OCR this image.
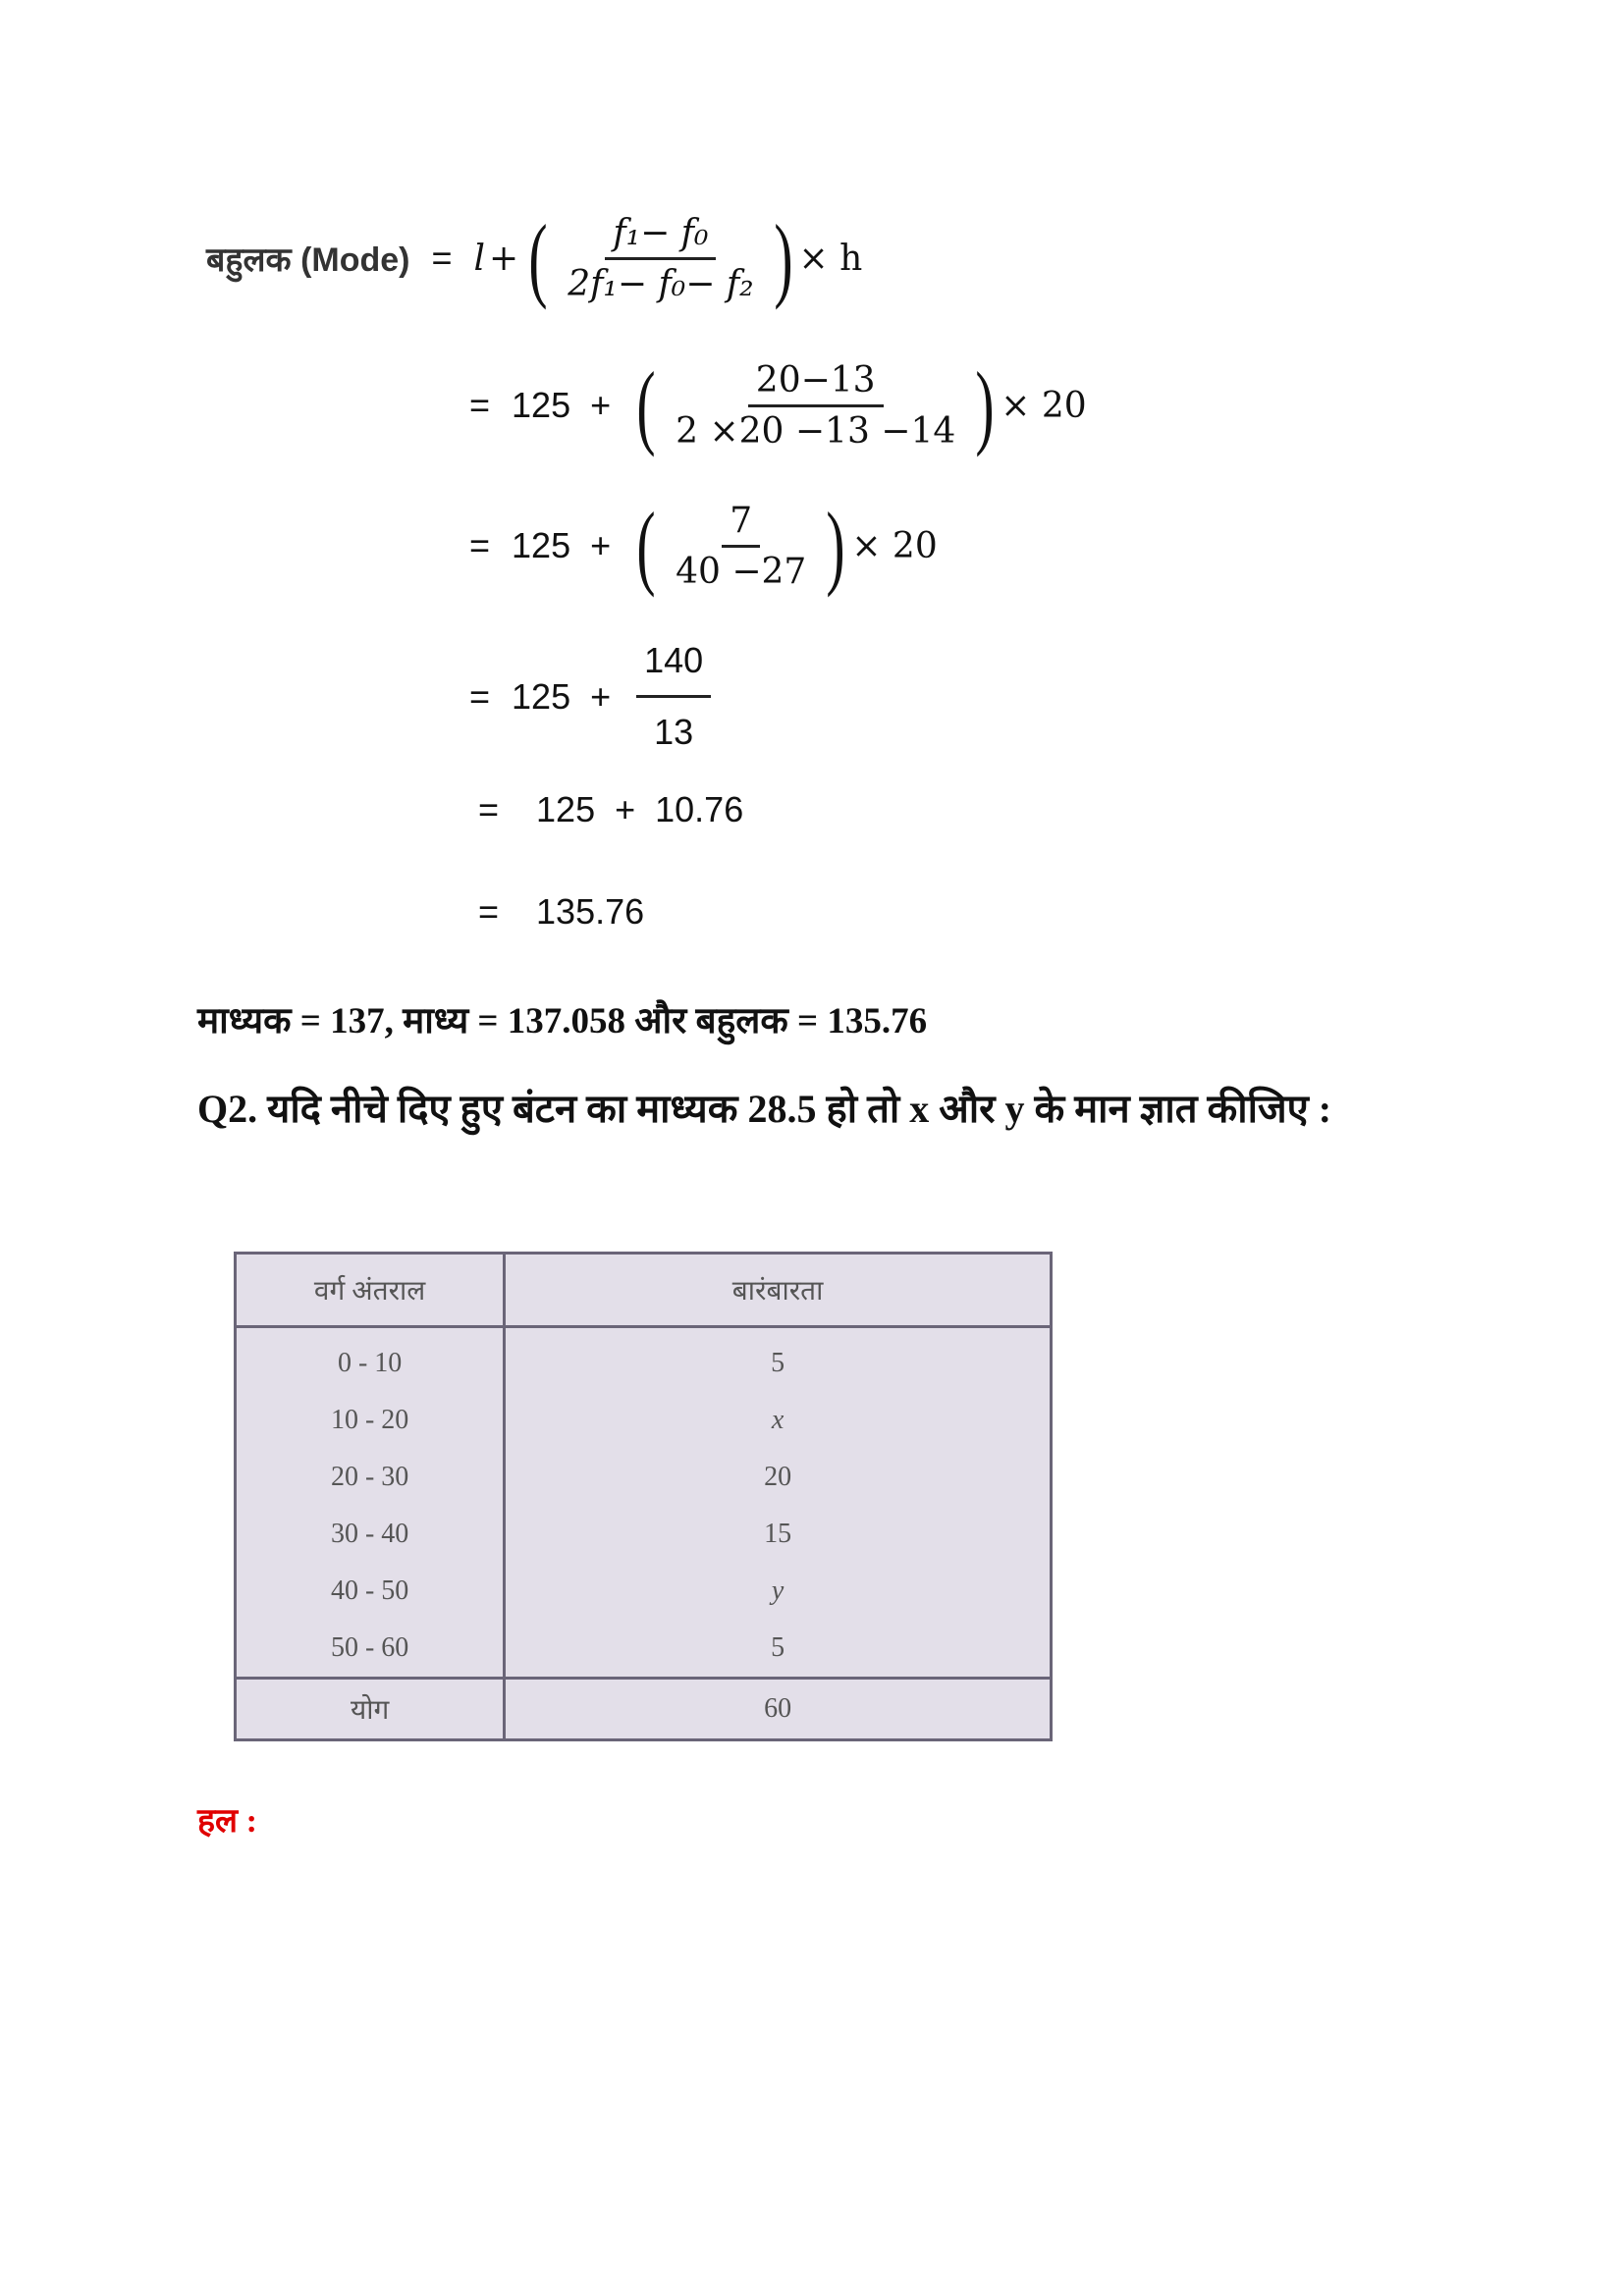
बहुलक (Mode) = l + ( $\frac{\text{f₁− f₀}}{\text{2f₁− f₀− f₂}}$ ) × h
= 125 + ( $\frac{20-13}{2 \times 20 -13 -14}$ ) × 20
= 125 + ( $\frac{7}{40 -27}$ ) × 20
= $125 + \frac{140}{13}$
= 125  +  10.76
= 135.76
माध्यक = 137, माध्य = 137.058 और बहुलक = 135.76
Q2. यदि नीचे दिए हुए बंटन का माध्यक 28.5 हो तो x और y के मान ज्ञात कीजिए :
वर्ग अंतराल	बारंबारता
0 - 10	5
10 - 20	x
20 - 30	20
30 - 40	15
40 - 50	y
50 - 60	5
योग	60
हल :
